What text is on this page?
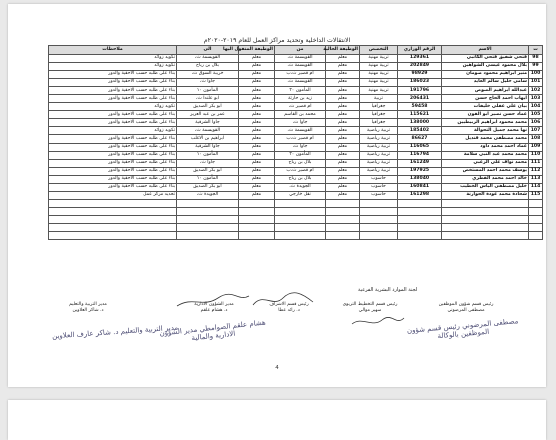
الانتقالات الداخلية وتحديد مراكز العمل للعام ٢٠١٩-٢٠٢٠م
ت	الاسم	الرقم الوزاري	التخصص	الوظيفة الحالية	من	الوظيفة المنقول اليها	الى	ملاحظات
98	فتحي شفيق فتحي الكاتبي	129361	تربية مهنية	معلم	القويسمة ث،	معلم	القويسمة ث،	تكويد زوائد
99	بلال محمود عيسى الشواهين	202849	تربية مهنية	معلم	القويسمة ث،	معلم	بلال بن رباح	تكويد زوائد
100	منير ابراهيم محمود صومان	98929	تربية مهنية	معلم	ام قصير ث،ب	معلم	خريبة السوق ث،	بناء على طلبه حسب الاحقية والدور
101	سامي خليل سالم العايد	186023	تربية مهنية	معلم	القويسمة ث،	معلم	جاوا ث،	بناء على طلبه حسب الاحقية والدور
102	عبدالله ابراهيم الصوص	191796	تربية مهنية	معلم	المأمون ٢٠	معلم	المأمون ١٠	بناء على طلبه حسب الاحقية والدور
103	ايهاب احمد الحاج حسن	206431	تربية	معلم	زيد بن حارثة	معلم	ابو علندا ث،	بناء على طلبه حسب الاحقية والدور
104	بيان علي عقلي خليفات	59458	جغرافيا	معلم	ام قصير ث،	معلم	ابو بكر الصديق	تكويد زوائد
105	عماد حسن نصير ابو القون	115621	جغرافيا	معلم	محمد بن القاسم	معلم	عمر بن عبد العزيز	بناء على طلبه حسب الاحقية والدور
106	محمد محمود ابراهيم الزبيطيين	138000	جغرافيا	معلم	جاوا ث،	معلم	جاوا الشرقية	بناء على طلبه حسب الاحقية والدور
107	نها محمد جميل التحوالة	185402	تربية رياضية	معلم	القويسمة ث،	معلم	القويسمة ث،	تكويد زوائد
108	محمد مصطفى محمد قنديل	86627	تربية رياضية	معلم	ام قصير ث،ب	معلم	ابراهيم بن الاغلب	بناء على طلبه حسب الاحقية والدور
109	عماد احمد محمد داود	116065	تربية رياضية	معلم	جاوا ث،	معلم	جاوا الشرقية	بناء على طلبه حسب الاحقية والدور
110	محمد محمد عبد النبي سلامة	116794	تربية رياضية	معلم	المأمون ٢٠	معلم	المأمون ١٠	بناء على طلبه حسب الاحقية والدور
111	محمد نواف علي الزعبي	161249	تربية رياضية	معلم	بلال بن رباح	معلم	جاوا ث،	بناء على طلبه حسب الاحقية والدور
112	يوسف محمد احمد المستخص	197925	تربية رياضية	معلم	ام قصير ث،ب	معلم	ابو بكر الصديق	بناء على طلبه حسب الاحقية والدور
113	خالد احمد محمد القطري	138040	حاسوب	معلم	بلال بن رباح	معلم	المأمون ١٠	بناء على طلبه حسب الاحقية والدور
114	خليل مصطفى الياس الخطيب	160841	حاسوب	معلم	الجويدة ث،	معلم	ابو بكر الصديق	بناء على طلبه حسب الاحقية والدور
115	شحادة محمد عودة الحوارنة	161298	حاسوب	معلم	نقل خارجي	معلم	الجويدة ث،	تحديد مركز عمل

لجنة الموارد البشرية الفرعية
رئيس قسم شؤون الموظفين
مصطفى المرضوني
رئيس قسم التخطيط التربوي
سهير موالي
رئيس قسم الاشراف
د. رائد عطا
مدير الشؤون الادارية
د. هشام علقم
مدير التربية والتعليم
د. شاكر العلاوين
مدير التربية والتعليم د. شاكر عارف العلاوين
هشام علقم الصوامطي مدير الشؤون الادارية والمالية
مصطفى المرضوني رئيس قسم شؤون الموظفين بالوكالة
4
